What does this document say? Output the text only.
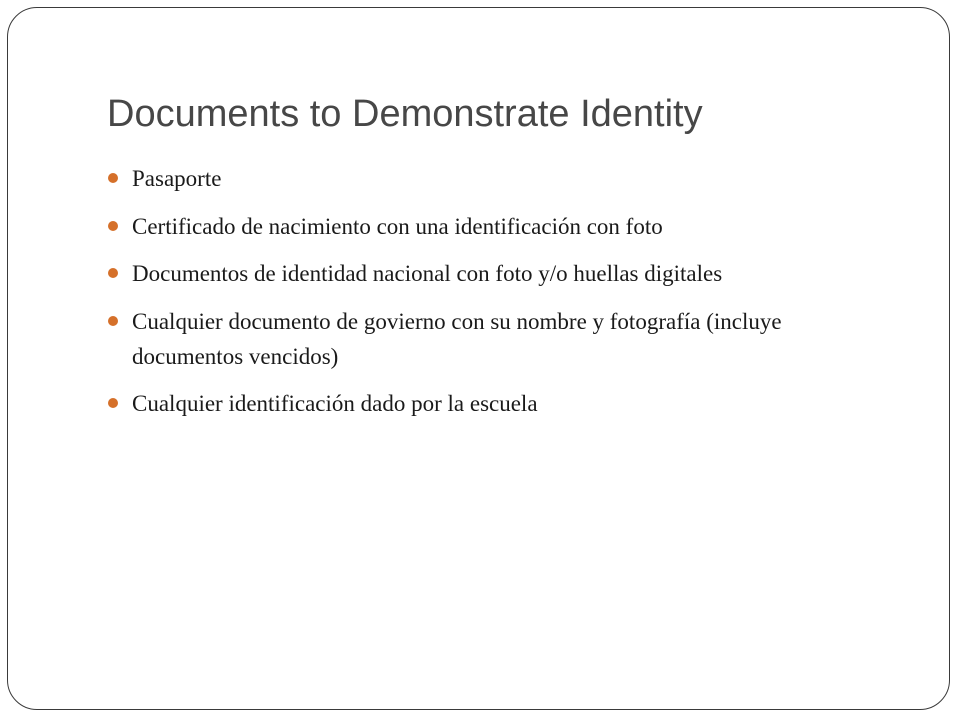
Documents to Demonstrate Identity
Pasaporte
Certificado de nacimiento con una identificación con foto
Documentos de identidad nacional con foto y/o huellas digitales
Cualquier documento de govierno con su nombre y fotografía (incluye documentos vencidos)
Cualquier identificación dado por la escuela
